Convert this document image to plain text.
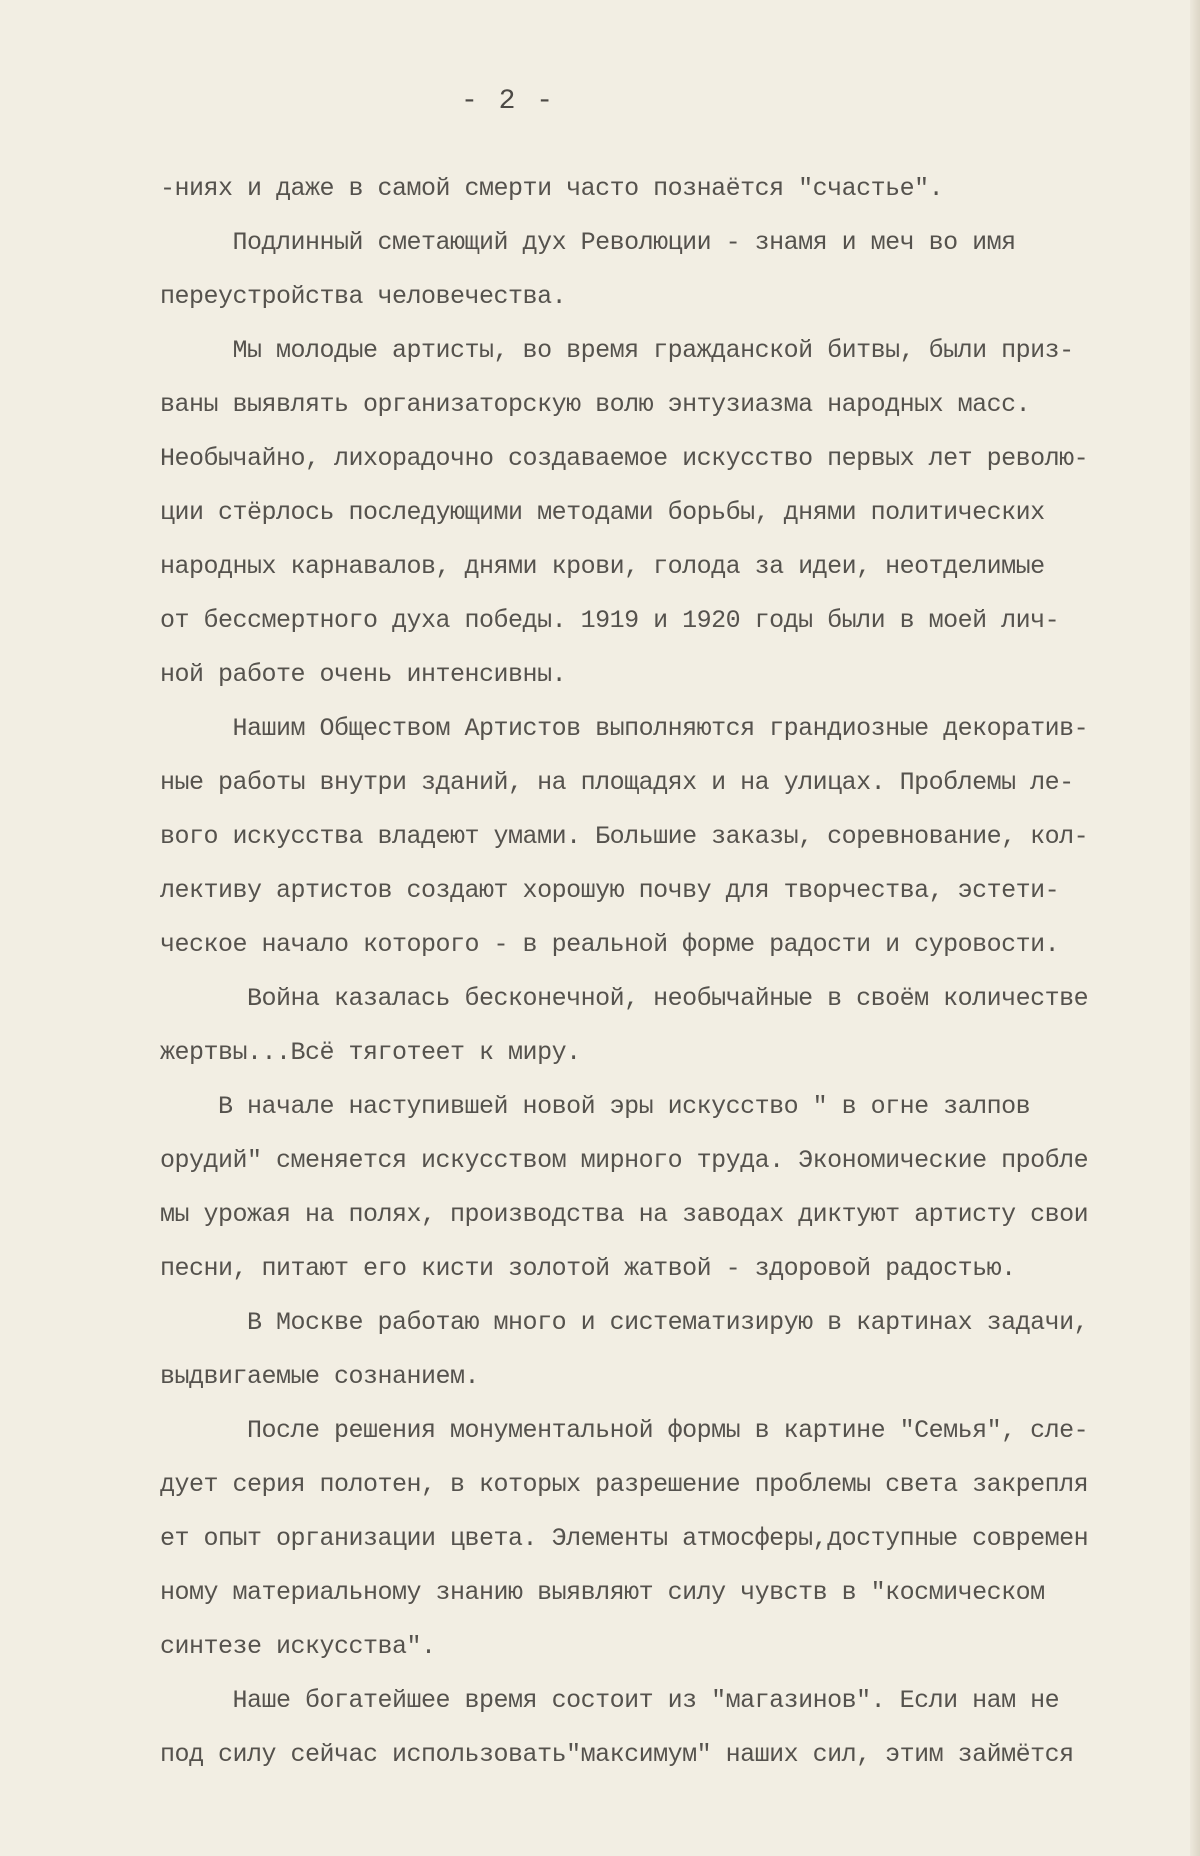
- 2 -
-ниях и даже в самой смерти часто познаётся "счастье".
Подлинный сметающий дух Революции - знамя и меч во имя
переустройства человечества.
Мы молодые артисты, во время гражданской битвы, были приз-
ваны выявлять организаторскую волю энтузиазма народных масс.
Необычайно, лихорадочно создаваемое искусство первых лет револю-
ции стёрлось последующими методами борьбы, днями политических
народных карнавалов, днями крови, голода за идеи, неотделимые
от бессмертного духа победы. 1919 и 1920 годы были в моей лич-
ной работе очень интенсивны.
Нашим Обществом Артистов выполняются грандиозные декоратив-
ные работы внутри зданий, на площадях и на улицах. Проблемы ле-
вого искусства владеют умами. Большие заказы, соревнование, кол-
лективу артистов создают хорошую почву для творчества, эстети-
ческое начало которого - в реальной форме радости и суровости.
Война казалась бесконечной, необычайные в своём количестве
жертвы...Всё тяготеет к миру.
В начале наступившей новой эры искусство " в огне залпов
орудий" сменяется искусством мирного труда. Экономические пробле
мы урожая на полях, производства на заводах диктуют артисту свои
песни, питают его кисти золотой жатвой - здоровой радостью.
В Москве работаю много и систематизирую в картинах задачи,
выдвигаемые сознанием.
После решения монументальной формы в картине "Семья", сле-
дует серия полотен, в которых разрешение проблемы света закрепля
ет опыт организации цвета. Элементы атмосферы,доступные современ
ному материальному знанию выявляют силу чувств в "космическом
синтезе искусства".
Наше богатейшее время состоит из "магазинов". Если нам не
под силу сейчас использовать"максимум" наших сил, этим займётся
